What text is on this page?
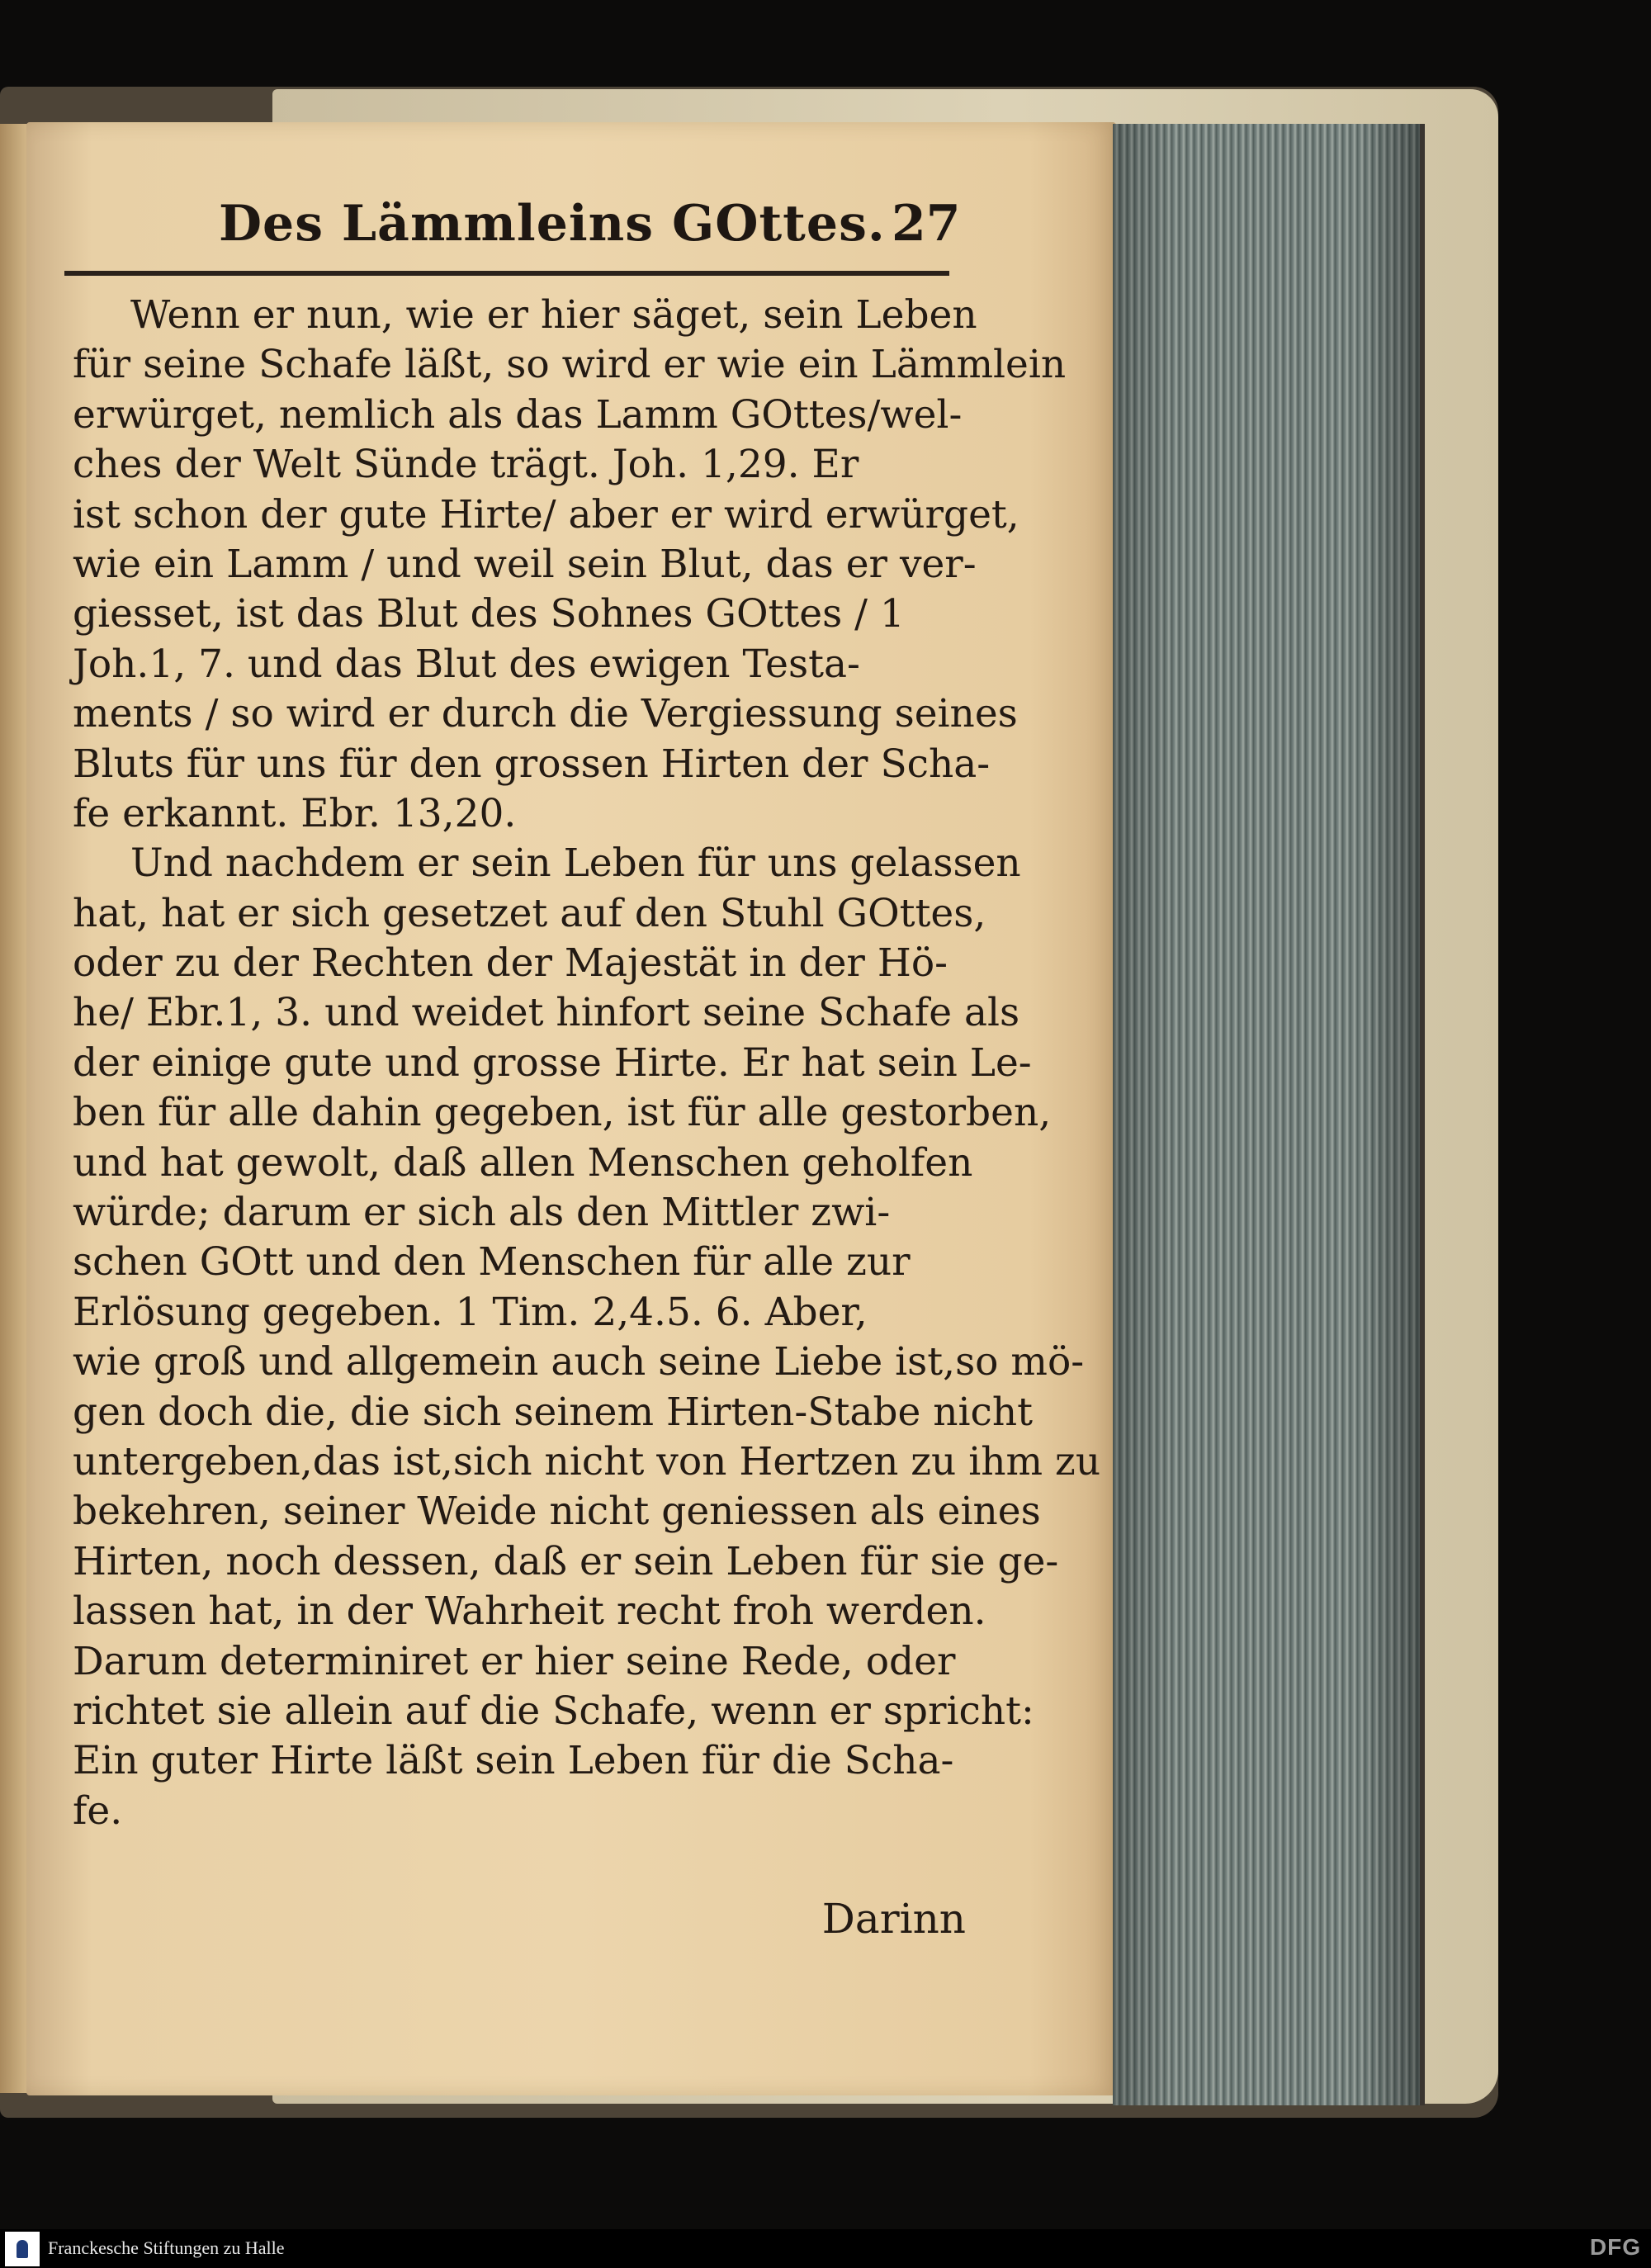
Des Lämmleins GOttes. 27
Wenn er nun, wie er hier säget, sein Leben
für seine Schafe läßt, so wird er wie ein Lämmlein
erwürget, nemlich als das Lamm GOttes/wel-
ches der Welt Sünde trägt. Joh. 1,29. Er
ist schon der gute Hirte/ aber er wird erwürget,
wie ein Lamm / und weil sein Blut, das er ver-
giesset, ist das Blut des Sohnes GOttes / 1
Joh.1, 7. und das Blut des ewigen Testa-
ments / so wird er durch die Vergiessung seines
Bluts für uns für den grossen Hirten der Scha-
fe erkannt. Ebr. 13,20.
Und nachdem er sein Leben für uns gelassen
hat, hat er sich gesetzet auf den Stuhl GOttes,
oder zu der Rechten der Majestät in der Hö-
he/ Ebr.1, 3. und weidet hinfort seine Schafe als
der einige gute und grosse Hirte. Er hat sein Le-
ben für alle dahin gegeben, ist für alle gestorben,
und hat gewolt, daß allen Menschen geholfen
würde; darum er sich als den Mittler zwi-
schen GOtt und den Menschen für alle zur
Erlösung gegeben. 1 Tim. 2,4.5. 6. Aber,
wie groß und allgemein auch seine Liebe ist,so mö-
gen doch die, die sich seinem Hirten-Stabe nicht
untergeben,das ist,sich nicht von Hertzen zu ihm zu
bekehren, seiner Weide nicht geniessen als eines
Hirten, noch dessen, daß er sein Leben für sie ge-
lassen hat, in der Wahrheit recht froh werden.
Darum determiniret er hier seine Rede, oder
richtet sie allein auf die Schafe, wenn er spricht:
Ein guter Hirte läßt sein Leben für die Scha-
fe.
Darinn
Franckesche Stiftungen zu Halle	DFG
